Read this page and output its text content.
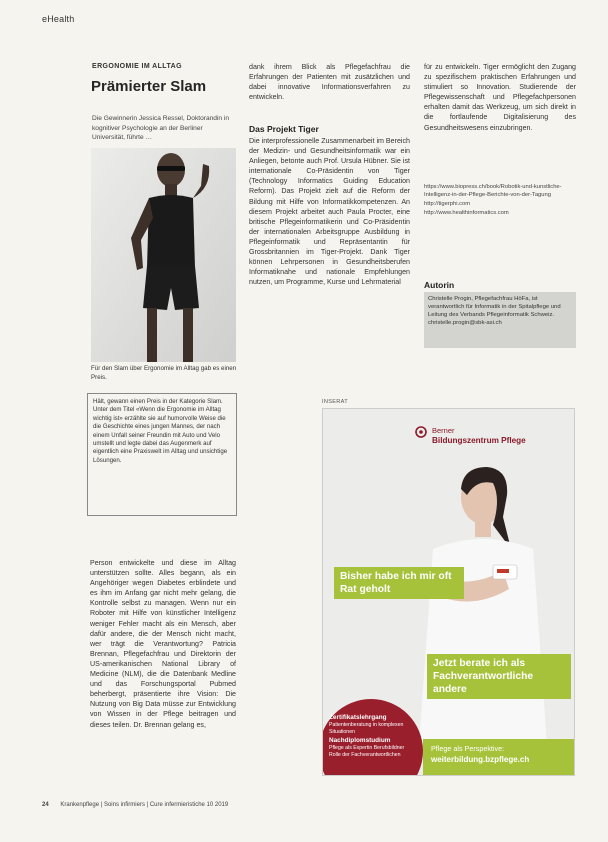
eHealth
ERGONOMIE IM ALLTAG
Prämierter Slam
Die Gewinnerin Jessica Ressel, Doktorandin in kognitiver Psychologie an der Berliner Universität, führte …
Für den Slam über Ergonomie im Alltag gab es einen Preis.

Hält, gewann einen Preis in der Kategorie Slam. Unter dem Titel «Wenn die Ergonomie im Alltag wichtig ist» erzählte sie auf humorvolle Weise die die Geschichte eines jungen Mannes, der nach einem Unfall seiner Freundin mit Auto und Velo umstellt und legte dabei das Augenmerk auf eigentlich eine Praxiswelt im Alltag und unsichtige Lösungen.

Person entwickelte und diese im Alltag unterstützen sollte. Alles begann, als ein Angehöriger wegen Diabetes erblindete und es ihm im Anfang gar nicht mehr gelang, die Kontrolle selbst zu managen. Wenn nur ein Roboter mit Hilfe von künstlicher Intelligenz weniger Fehler macht als ein Mensch, aber dafür andere, die der Mensch nicht macht, wer trägt die Verantwortung? Patricia Brennan, Pflegefachfrau und Direktorin der US-amerikanischen National Library of Medicine (NLM), die die Datenbank Medline und das Forschungsportal Pubmed beherbergt, präsentierte ihre Vision: Die Nutzung von Big Data müsse zur Entwicklung von Wissen in der Pflege beitragen und dieses teilen. Dr. Brennan gelang es,
dank ihrem Blick als Pflegefachfrau die Erfahrungen der Patienten mit zusätzlichen und dabei innovative Informationsverfahren zu entwickeln.
Das Projekt Tiger
Die interprofessionelle Zusammenarbeit im Bereich der Medizin- und Gesundheitsinformatik war ein Anliegen, betonte auch Prof. Ursula Hübner. Sie ist internationale Co-Präsidentin von Tiger (Technology Informatics Guiding Education Reform). Das Projekt zielt auf die Reform der Bildung mit Hilfe von Informatikkompetenzen. An diesem Projekt arbeitet auch Paula Procter, eine britische Pflegeinformatikerin und Co-Präsidentin der internationalen Arbeitsgruppe Ausbildung in Pflegeinformatik und Repräsentantin für Grossbritannien im Tiger-Projekt. Dank Tiger können Lehrpersonen in Gesundheitsberufen Informatiknahe und nationale Empfehlungen nutzen, um Programme, Kurse und Lehrmaterial
für zu entwickeln. Tiger ermöglicht den Zugang zu spezifischem praktischen Erfahrungen und stimuliert so Innovation. Studierende der Pflegewissenschaft und Pflegefachpersonen erhalten damit das Werkzeug, um sich direkt in die fortlaufende Digitalisierung des Gesundheitswesens einzubringen.
https://www.biopress.ch/book/Robotik-und-kunstliche-Intelligenz-in-der-Pflege-Berichte-von-der-Tagung
http://tigerphi.com
http://www.healthinformatics.com
Autorin

Christelle Progin, Pflegefachfrau HöFa, ist verantwortlich für Informatik in der Spitalpflege und Leitung des Verbands Pflegeinformatik Schweiz. christelle.progin@sbk-asi.ch

INSERAT
Berner
Bildungszentrum Pflege
Bisher habe ich mir oft Rat geholt
Jetzt berate ich als Fachverantwortliche andere
Zertifikatslehrgang
Patientenberatung in komplexen Situationen
Nachdiplomstudium
Pflege als Expertin Berufsbildner Rolle der Fachverantwortlichen
Pflege als Perspektive:
weiterbildung.bzpflege.ch
24 Krankenpflege | Soins infirmiers | Cure infermieristiche 10 2019
